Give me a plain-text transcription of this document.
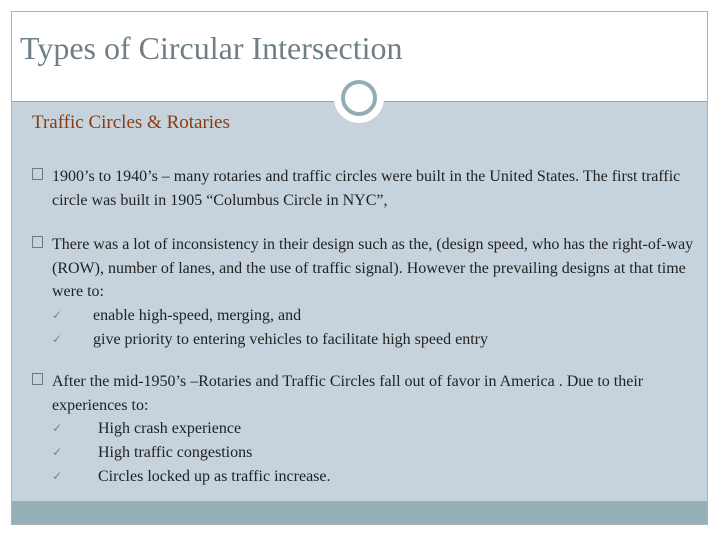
Types of Circular Intersection
Traffic Circles & Rotaries
1900’s to 1940’s – many rotaries and traffic circles were built in the United States. The first traffic circle was built in 1905 “Columbus Circle in NYC”,
There was a lot of inconsistency in their design such as the, (design speed, who has the right-of-way (ROW), number of lanes, and the use of traffic signal). However the prevailing designs at that time were to:
✓ enable high-speed, merging, and
✓ give priority to entering vehicles to facilitate high speed entry
After the mid-1950’s –Rotaries and Traffic Circles fall out of favor in America . Due to their experiences to:
✓ High crash experience
✓ High traffic congestions
✓ Circles locked up as traffic increase.
